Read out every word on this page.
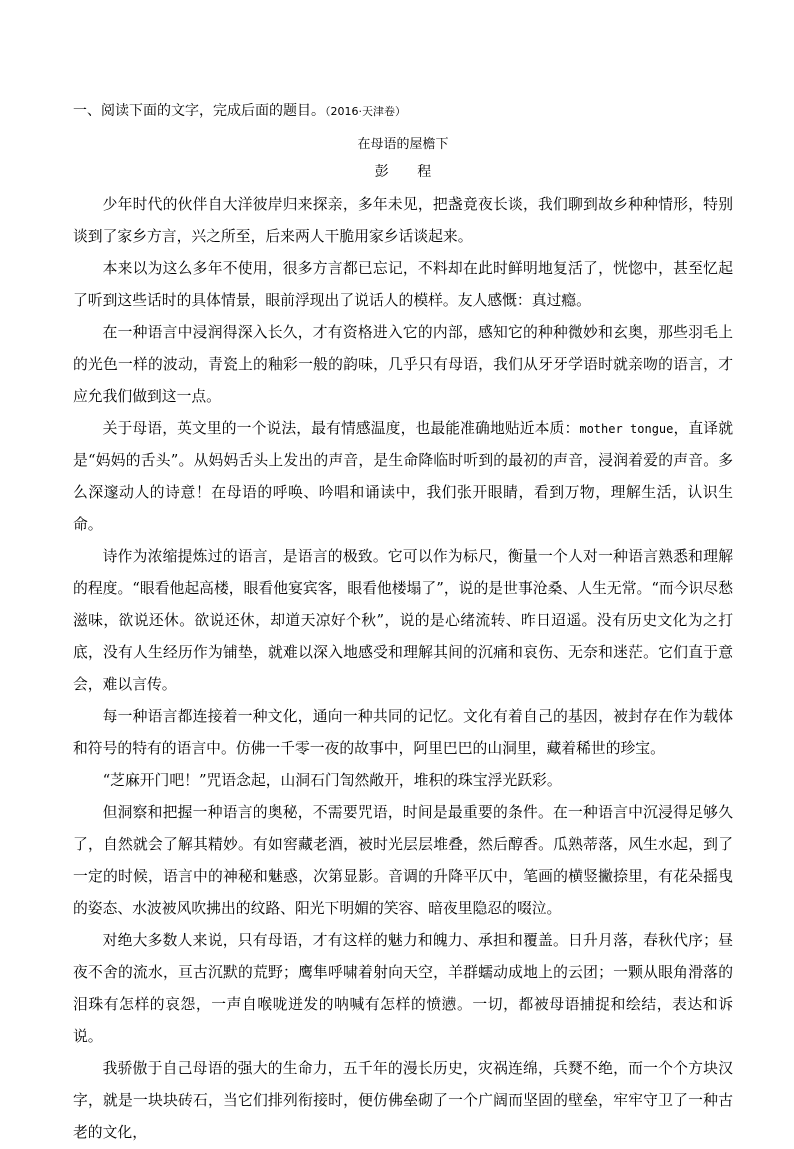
一、阅读下面的文字，完成后面的题目。（2016·天津卷）
在母语的屋檐下
彭 程

少年时代的伙伴自大洋彼岸归来探亲，多年未见，把盏竟夜长谈，我们聊到故乡种种情形，特别谈到了家乡方言，兴之所至，后来两人干脆用家乡话谈起来。

本来以为这么多年不使用，很多方言都已忘记，不料却在此时鲜明地复活了，恍惚中，甚至忆起了听到这些话时的具体情景，眼前浮现出了说话人的模样。友人感慨：真过瘾。

在一种语言中浸润得深入长久，才有资格进入它的内部，感知它的种种微妙和玄奥，那些羽毛上的光色一样的波动，青瓷上的釉彩一般的韵味，几乎只有母语，我们从牙牙学语时就亲吻的语言，才应允我们做到这一点。

关于母语，英文里的一个说法，最有情感温度，也最能准确地贴近本质：mother tongue，直译就是“妈妈的舌头”。从妈妈舌头上发出的声音，是生命降临时听到的最初的声音，浸润着爱的声音。多么深邃动人的诗意！在母语的呼唤、吟唱和诵读中，我们张开眼睛，看到万物，理解生活，认识生命。

诗作为浓缩提炼过的语言，是语言的极致。它可以作为标尺，衡量一个人对一种语言熟悉和理解的程度。“眼看他起高楼，眼看他宴宾客，眼看他楼塌了”，说的是世事沧桑、人生无常。“而今识尽愁滋味，欲说还休。欲说还休，却道天凉好个秋”，说的是心绪流转、昨日迢遥。没有历史文化为之打底，没有人生经历作为铺垫，就难以深入地感受和理解其间的沉痛和哀伤、无奈和迷茫。它们直于意会，难以言传。

每一种语言都连接着一种文化，通向一种共同的记忆。文化有着自己的基因，被封存在作为载体和符号的特有的语言中。仿佛一千零一夜的故事中，阿里巴巴的山洞里，藏着稀世的珍宝。

“芝麻开门吧！”咒语念起，山洞石门訇然敞开，堆积的珠宝浮光跃彩。

但洞察和把握一种语言的奥秘，不需要咒语，时间是最重要的条件。在一种语言中沉浸得足够久了，自然就会了解其精妙。有如窖藏老酒，被时光层层堆叠，然后醇香。瓜熟蒂落，风生水起，到了一定的时候，语言中的神秘和魅惑，次第显影。音调的升降平仄中，笔画的横竖撇捺里，有花朵摇曳的姿态、水波被风吹拂出的纹路、阳光下明媚的笑容、暗夜里隐忍的啜泣。

对绝大多数人来说，只有母语，才有这样的魅力和魄力、承担和覆盖。日升月落，春秋代序；昼夜不舍的流水，亘古沉默的荒野；鹰隼呼啸着射向天空，羊群蠕动成地上的云团；一颗从眼角滑落的泪珠有怎样的哀怨，一声自喉咙迸发的呐喊有怎样的愤懑。一切，都被母语捕捉和绘结，表达和诉说。

我骄傲于自己母语的强大的生命力，五千年的漫长历史，灾祸连绵，兵燹不绝，而一个个方块汉字，就是一块块砖石，当它们排列衔接时，便仿佛垒砌了一个广阔而坚固的壁垒，牢牢守卫了一种古老的文化，
